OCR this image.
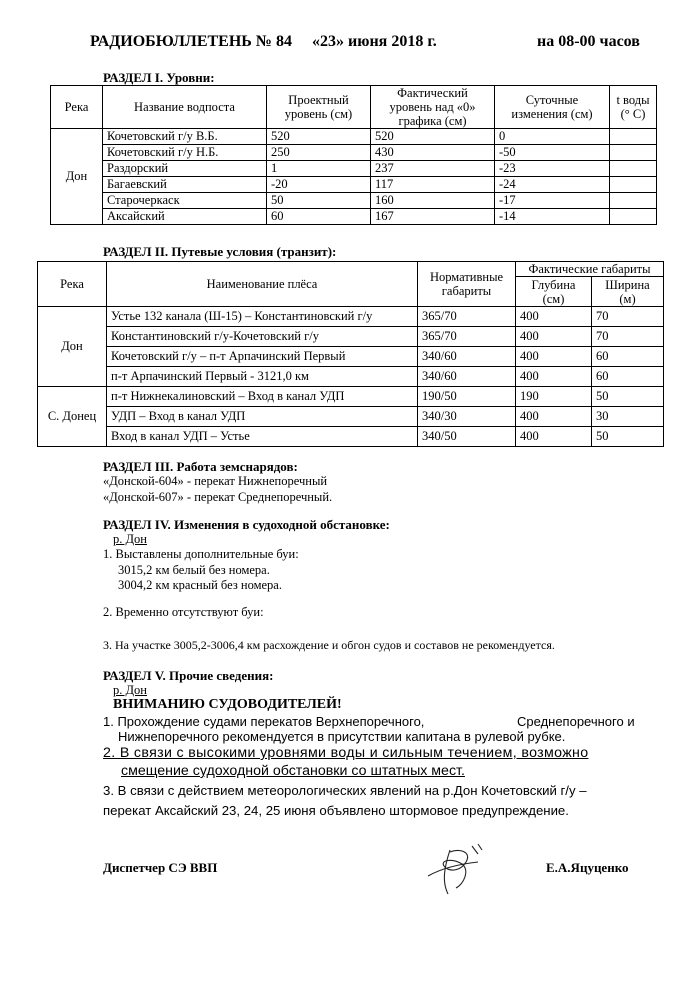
РАДИОБЮЛЛЕТЕНЬ № 84 «23» июня 2018 г.	на 08-00 часов
РАЗДЕЛ I. Уровни:
Река	Название водпоста	Проектный уровень (см)	Фактический уровень над «0» графика (см)	Суточные изменения (см)	t воды (° С)
Дон	Кочетовский г/у В.Б.	520	520	0	
	Кочетовский г/у Н.Б.	250	430	-50	
	Раздорский	1	237	-23	
	Багаевский	-20	117	-24	
	Старочеркаск	50	160	-17	
	Аксайский	60	167	-14	
РАЗДЕЛ II. Путевые условия (транзит):
Река	Наименование плёса	Нормативные габариты	Фактические габариты	
			Глубина (см)	Ширина (м)
Дон	Устье 132 канала (Ш-15) – Константиновский г/у	365/70	400	70
	Константиновский г/у-Кочетовский г/у	365/70	400	70
	Кочетовский г/у – п-т Арпачинский Первый	340/60	400	60
	п-т Арпачинский Первый - 3121,0 км	340/60	400	60
С. Донец	п-т Нижнекалиновский – Вход в канал УДП	190/50	190	50
	УДП – Вход в канал УДП	340/30	400	30
	Вход в канал УДП – Устье	340/50	400	50
РАЗДЕЛ III. Работа земснарядов:
«Донской-604» - перекат Нижнепоречный
«Донской-607» - перекат Среднепоречный.
РАЗДЕЛ IV. Изменения в судоходной обстановке:
р. Дон
1. Выставлены дополнительные буи:
3015,2 км белый без номера.
3004,2 км красный без номера.
2. Временно отсутствуют буи:
3. На участке 3005,2-3006,4 км расхождение и обгон судов и составов не рекомендуется.
РАЗДЕЛ V. Прочие сведения:
р. Дон
ВНИМАНИЮ СУДОВОДИТЕЛЕЙ!
1. Прохождение судами перекатов Верхнепоречного,	Среднепоречного и
Нижнепоречного рекомендуется в присутствии капитана в рулевой рубке.
2. В связи с высокими уровнями воды и сильным течением, возможно
смещение судоходной обстановки со штатных мест.
3. В связи с действием метеорологических явлений на р.Дон Кочетовский г/у –
перекат Аксайский 23, 24, 25 июня объявлено штормовое предупреждение.
Диспетчер СЭ ВВП	Е.А.Яцуценко
